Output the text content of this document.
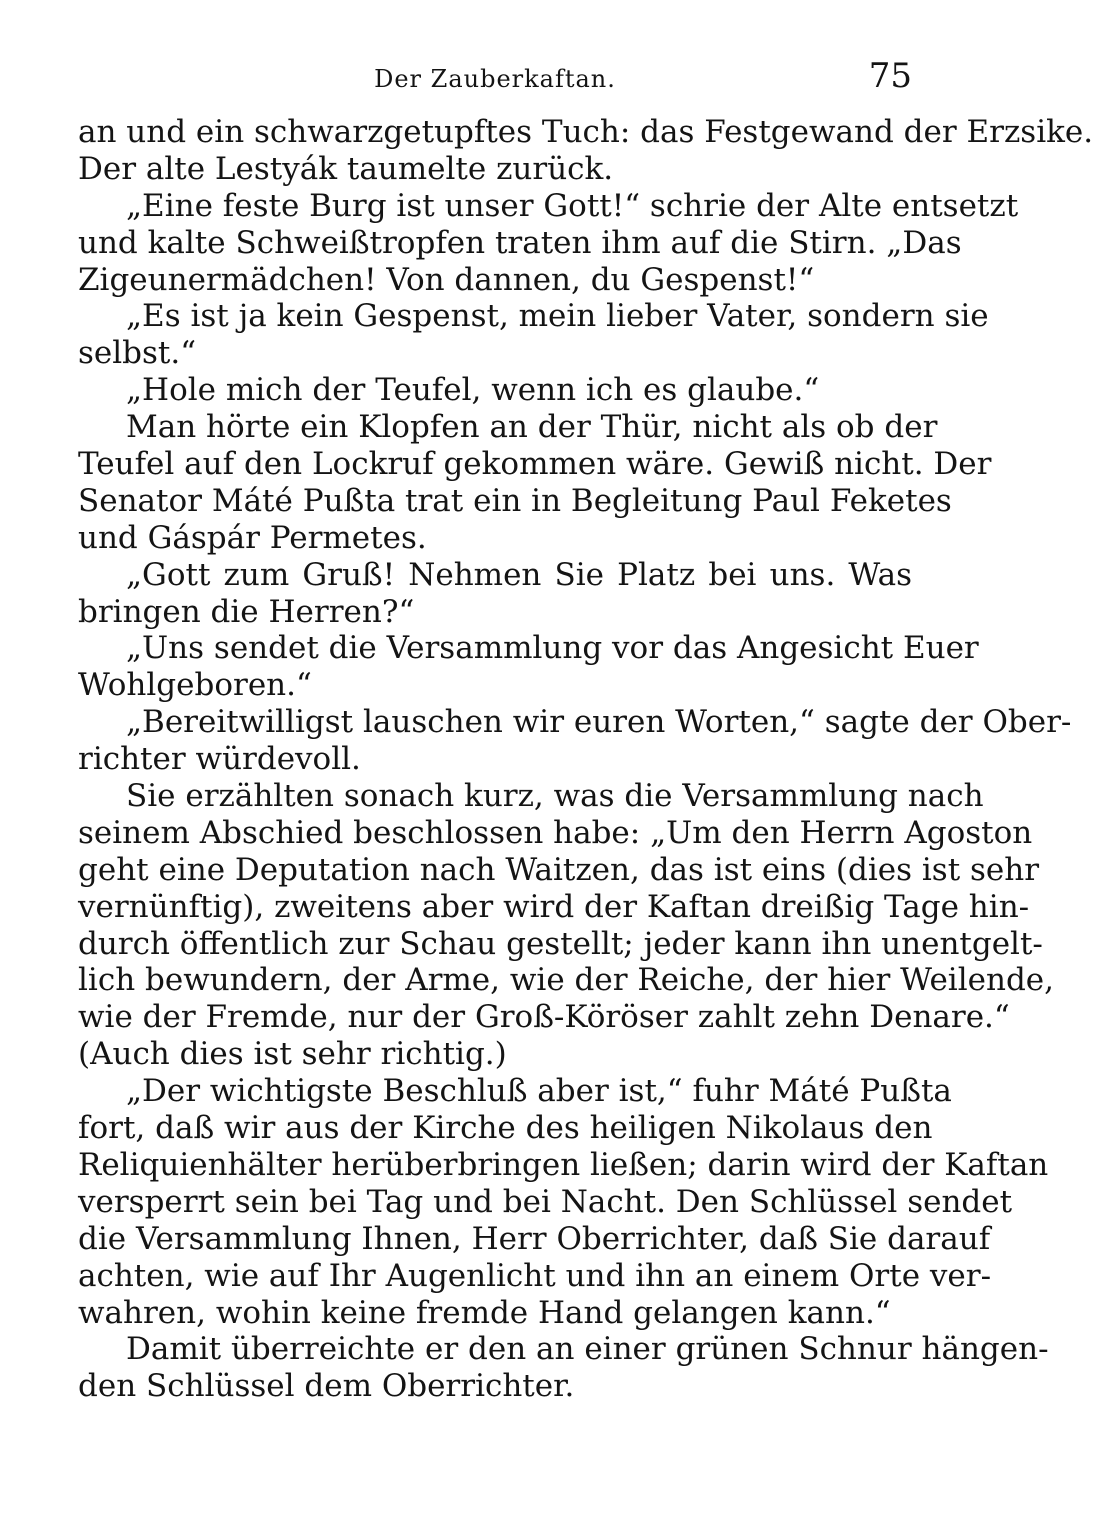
Der Zauberkaftan.	75
an und ein schwarzgetupftes Tuch: das Festgewand der Erzsike.
Der alte Lestyák taumelte zurück.
„Eine feste Burg ist unser Gott!“ schrie der Alte entsetzt
und kalte Schweißtropfen traten ihm auf die Stirn. „Das
Zigeunermädchen! Von dannen, du Gespenst!“
„Es ist ja kein Gespenst, mein lieber Vater, sondern sie
selbst.“
„Hole mich der Teufel, wenn ich es glaube.“
Man hörte ein Klopfen an der Thür, nicht als ob der
Teufel auf den Lockruf gekommen wäre. Gewiß nicht. Der
Senator Máté Pußta trat ein in Begleitung Paul Feketes
und Gáspár Permetes.
„Gott zum Gruß! Nehmen Sie Platz bei uns. Was
bringen die Herren?“
„Uns sendet die Versammlung vor das Angesicht Euer
Wohlgeboren.“
„Bereitwilligst lauschen wir euren Worten,“ sagte der Ober-
richter würdevoll.
Sie erzählten sonach kurz, was die Versammlung nach
seinem Abschied beschlossen habe: „Um den Herrn Agoston
geht eine Deputation nach Waitzen, das ist eins (dies ist sehr
vernünftig), zweitens aber wird der Kaftan dreißig Tage hin-
durch öffentlich zur Schau gestellt; jeder kann ihn unentgelt-
lich bewundern, der Arme, wie der Reiche, der hier Weilende,
wie der Fremde, nur der Groß-Köröser zahlt zehn Denare.“
(Auch dies ist sehr richtig.)
„Der wichtigste Beschluß aber ist,“ fuhr Máté Pußta
fort, daß wir aus der Kirche des heiligen Nikolaus den
Reliquienhälter herüberbringen ließen; darin wird der Kaftan
versperrt sein bei Tag und bei Nacht. Den Schlüssel sendet
die Versammlung Ihnen, Herr Oberrichter, daß Sie darauf
achten, wie auf Ihr Augenlicht und ihn an einem Orte ver-
wahren, wohin keine fremde Hand gelangen kann.“
Damit überreichte er den an einer grünen Schnur hängen-
den Schlüssel dem Oberrichter.
